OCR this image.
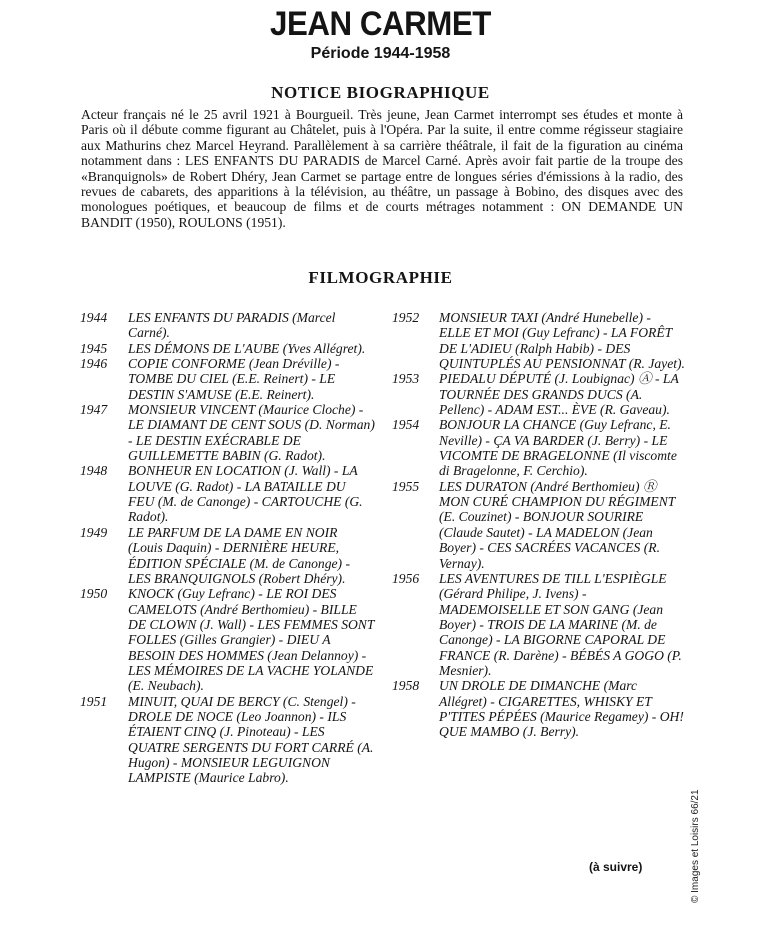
JEAN CARMET
Période 1944-1958
NOTICE BIOGRAPHIQUE

Acteur français né le 25 avril 1921 à Bourgueil. Très jeune, Jean Carmet interrompt ses études et monte à Paris où il débute comme figurant au Châtelet, puis à l'Opéra. Par la suite, il entre comme régisseur stagiaire aux Mathurins chez Marcel Heyrand. Parallèlement à sa carrière théâtrale, il fait de la figuration au cinéma notamment dans : LES ENFANTS DU PARADIS de Marcel Carné. Après avoir fait partie de la troupe des «Branquignols» de Robert Dhéry, Jean Carmet se partage entre de longues séries d'émissions à la radio, des revues de cabarets, des apparitions à la télévision, au théâtre, un passage à Bobino, des disques avec des monologues poétiques, et beaucoup de films et de courts métrages notamment : ON DEMANDE UN BANDIT (1950), ROULONS (1951).

FILMOGRAPHIE
1944	LES ENFANTS DU PARADIS (Marcel Carné).
1945	LES DÉMONS DE L'AUBE (Yves Allégret).
1946	COPIE CONFORME (Jean Dréville) - TOMBE DU CIEL (E.E. Reinert) - LE DESTIN S'AMUSE (E.E. Reinert).
1947	MONSIEUR VINCENT (Maurice Cloche) - LE DIAMANT DE CENT SOUS (D. Norman) - LE DESTIN EXÉCRABLE DE GUILLEMETTE BABIN (G. Radot).
1948	BONHEUR EN LOCATION (J. Wall) - LA LOUVE (G. Radot) - LA BATAILLE DU FEU (M. de Canonge) - CARTOUCHE (G. Radot).
1949	LE PARFUM DE LA DAME EN NOIR (Louis Daquin) - DERNIÈRE HEURE, ÉDITION SPÉCIALE (M. de Canonge) - LES BRANQUIGNOLS (Robert Dhéry).
1950	KNOCK (Guy Lefranc) - LE ROI DES CAMELOTS (André Berthomieu) - BILLE DE CLOWN (J. Wall) - LES FEMMES SONT FOLLES (Gilles Grangier) - DIEU A BESOIN DES HOMMES (Jean Delannoy) - LES MÉMOIRES DE LA VACHE YOLANDE (E. Neubach).
1951	MINUIT, QUAI DE BERCY (C. Stengel) - DROLE DE NOCE (Leo Joannon) - ILS ÉTAIENT CINQ (J. Pinoteau) - LES QUATRE SERGENTS DU FORT CARRÉ (A. Hugon) - MONSIEUR LEGUIGNON LAMPISTE (Maurice Labro).
1952	MONSIEUR TAXI (André Hunebelle) - ELLE ET MOI (Guy Lefranc) - LA FORÊT DE L'ADIEU (Ralph Habib) - DES QUINTUPLÉS AU PENSIONNAT (R. Jayet).
1953	PIEDALU DÉPUTÉ (J. Loubignac) Ⓐ - LA TOURNÉE DES GRANDS DUCS (A. Pellenc) - ADAM EST... ÈVE (R. Gaveau).
1954	BONJOUR LA CHANCE (Guy Lefranc, E. Neville) - ÇA VA BARDER (J. Berry) - LE VICOMTE DE BRAGELONNE (Il viscomte di Bragelonne, F. Cerchio).
1955	LES DURATON (André Berthomieu) Ⓡ MON CURÉ CHAMPION DU RÉGIMENT (E. Couzinet) - BONJOUR SOURIRE (Claude Sautet) - LA MADELON (Jean Boyer) - CES SACRÉES VACANCES (R. Vernay).
1956	LES AVENTURES DE TILL L'ESPIÈGLE (Gérard Philipe, J. Ivens) - MADEMOISELLE ET SON GANG (Jean Boyer) - TROIS DE LA MARINE (M. de Canonge) - LA BIGORNE CAPORAL DE FRANCE (R. Darène) - BÉBÉS A GOGO (P. Mesnier).
1958	UN DROLE DE DIMANCHE (Marc Allégret) - CIGARETTES, WHISKY ET P'TITES PÉPÉES (Maurice Regamey) - OH! QUE MAMBO (J. Berry).
(à suivre)	© Images et Loisirs 66/21
